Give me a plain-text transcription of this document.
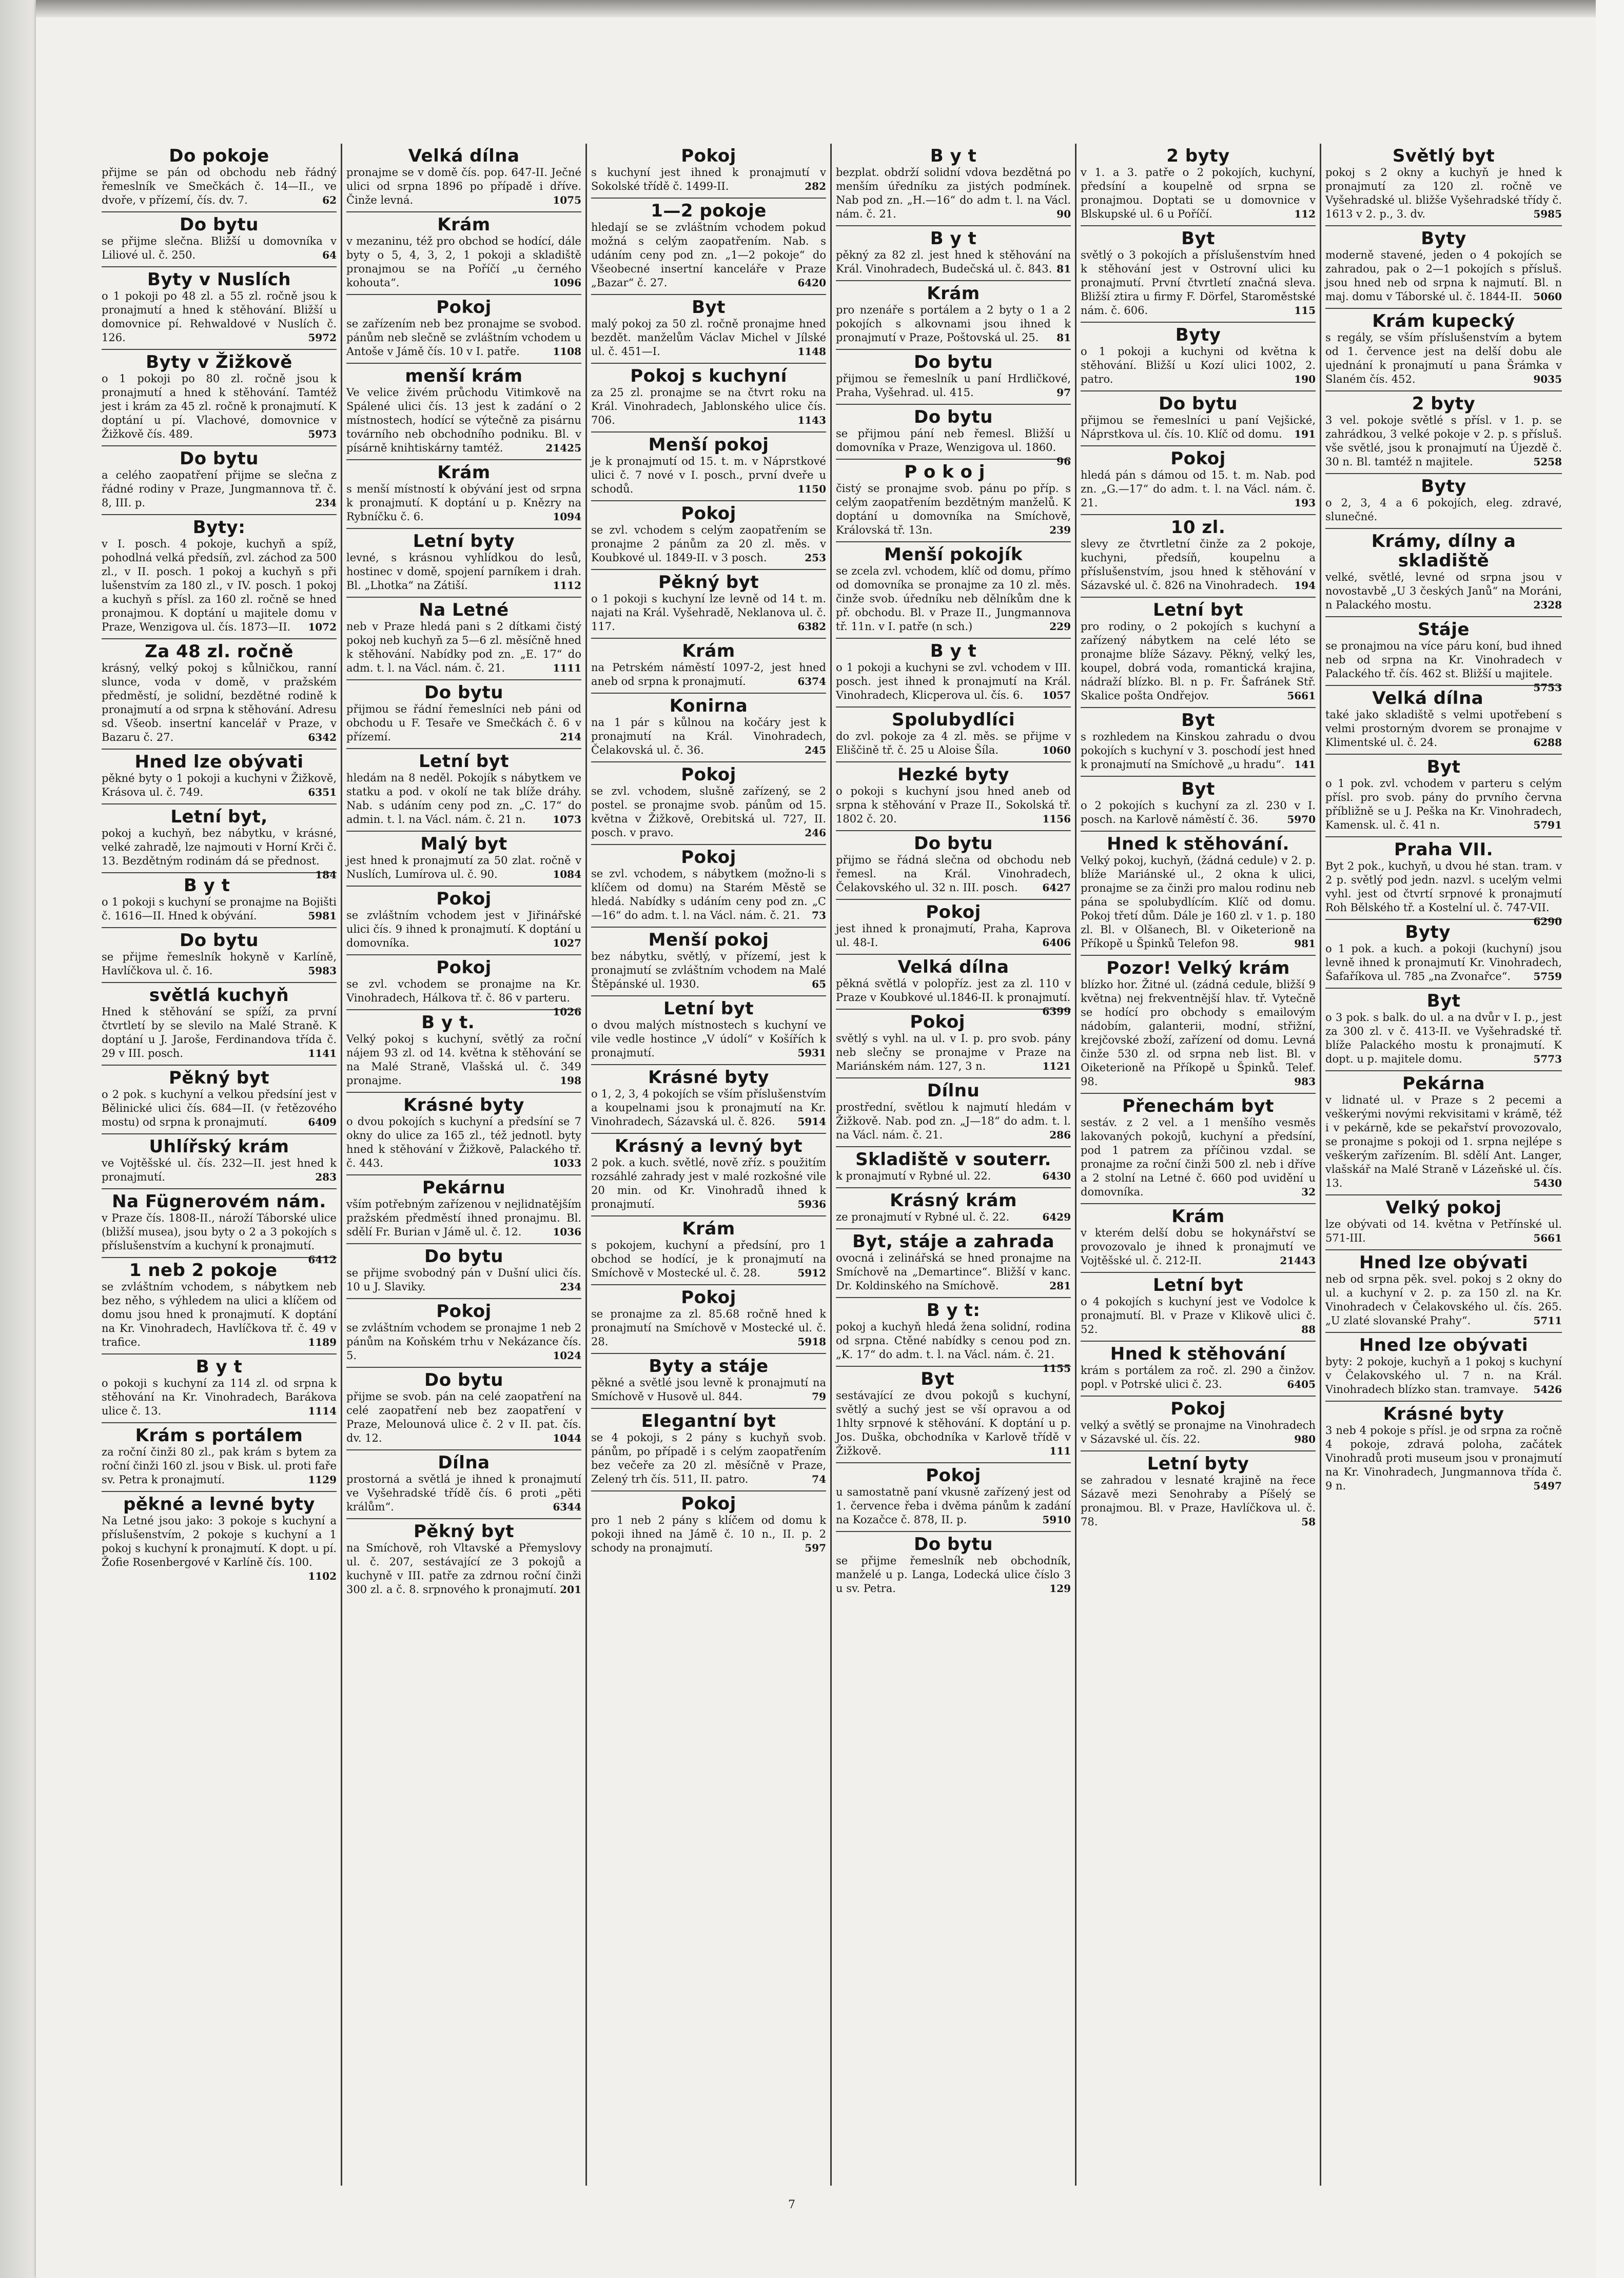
Do pokoje
přijme se pán od obchodu neb řádný řemeslník ve Smečkách č. 14—II., ve dvoře, v přízemí, čís. dv. 7.	62
Do bytu
se přijme slečna. Bližší u domovníka v Liliové ul. č. 250.	64
Byty v Nuslích
o 1 pokoji po 48 zl. a 55 zl. ročně jsou k pronajmutí a hned k stěhování. Bližší u domovnice pí. Rehwaldové v Nuslích č. 126.	5972
Byty v Žižkově
o 1 pokoji po 80 zl. ročně jsou k pronajmutí a hned k stěhování. Tamtéž jest i krám za 45 zl. ročně k pronajmutí. K doptání u pí. Vlachové, domovnice v Žižkově čís. 489.	5973
Do bytu
a celého zaopatření přijme se slečna z řádné rodiny v Praze, Jungmannova tř. č. 8, III. p.	234
Byty:
v I. posch. 4 pokoje, kuchyň a spíž, pohodlná velká předsíň, zvl. záchod za 500 zl., v II. posch. 1 pokoj a kuchyň s při lušenstvím za 180 zl., v IV. posch. 1 pokoj a kuchyň s přísl. za 160 zl. ročně se hned pronajmou. K doptání u majitele domu v Praze, Wenzigova ul. čís. 1873—II.	1072
Za 48 zl. ročně
krásný, velký pokoj s kůlničkou, ranní slunce, voda v domě, v pražském předměstí, je solidní, bezdětné rodině k pronajmutí a od srpna k stěhování. Adresu sd. Všeob. insertní kancelář v Praze, v Bazaru č. 27.	6342
Hned lze obývati
pěkné byty o 1 pokoji a kuchyni v Žižkově, Krásova ul. č. 749.	6351
Letní byt,
pokoj a kuchyň, bez nábytku, v krásné, velké zahradě, lze najmouti v Horní Krči č. 13. Bezdětným rodinám dá se přednost.
184
B y t
o 1 pokoji s kuchyní se pronajme na Bojišti č. 1616—II. Hned k obývání.	5981
Do bytu
se přijme řemeslník hokyně v Karlíně, Havlíčkova ul. č. 16.	5983
světlá kuchyň
Hned k stěhování se spíží, za první čtvrtletí by se slevilo na Malé Straně. K doptání u J. Jaroše, Ferdinandova třída č. 29 v III. posch.	1141
Pěkný byt
o 2 pok. s kuchyní a velkou předsíní jest v Bělinické ulici čís. 684—II. (v řetězového mostu) od srpna k pronajmutí.	6409
Uhlířský krám
ve Vojtěšské ul. čís. 232—II. jest hned k pronajmutí.	283
Na Fügnerovém nám.
v Praze čís. 1808-II., nároží Táborské ulice (bližší musea), jsou byty o 2 a 3 pokojích s příslušenstvím a kuchyní k pronajmutí.
6412
1 neb 2 pokoje
se zvláštním vchodem, s nábytkem neb bez něho, s výhledem na ulici a klíčem od domu jsou hned k pronajmutí. K doptání na Kr. Vinohradech, Havlíčkova tř. č. 49 v trafice.	1189
B y t
o pokoji s kuchyní za 114 zl. od srpna k stěhování na Kr. Vinohradech, Barákova ulice č. 13.	1114
Krám s portálem
za roční činži 80 zl., pak krám s bytem za roční činži 160 zl. jsou v Bisk. ul. proti faře sv. Petra k pronajmutí.	1129
pěkné a levné byty
Na Letné jsou jako: 3 pokoje s kuchyní a příslušenstvím, 2 pokoje s kuchyní a 1 pokoj s kuchyní k pronajmutí. K dopt. u pí. Žofie Rosenbergové v Karlíně čís. 100.
1102
Velká dílna
pronajme se v domě čís. pop. 647-II. Ječné ulici od srpna 1896 po případě i dříve. Činže levná.	1075
Krám
v mezaninu, též pro obchod se hodící, dále byty o 5, 4, 3, 2, 1 pokoji a skladiště pronajmou se na Poříčí „u černého kohouta“.	1096
Pokoj
se zařízením neb bez pronajme se svobod. pánům neb slečně se zvláštním vchodem u Antoše v Jámě čís. 10 v I. patře.	1108
menší krám
Ve velice živém průchodu Vitimkově na Spálené ulici čís. 13 jest k zadání o 2 místnostech, hodící se výtečně za pisárnu továrního neb obchodního podniku. Bl. v písárně knihtiskárny tamtéž.	21425
Krám
s menší místností k obývání jest od srpna k pronajmutí. K doptání u p. Knězry na Rybníčku č. 6.	1094
Letní byty
levné, s krásnou vyhlídkou do lesů, hostinec v domě, spojení parníkem i drah. Bl. „Lhotka“ na Zátiší.	1112
Na Letné
neb v Praze hledá pani s 2 dítkami čistý pokoj neb kuchyň za 5—6 zl. měsíčně hned k stěhování. Nabídky pod zn. „E. 17“ do adm. t. l. na Václ. nám. č. 21.	1111
Do bytu
přijmou se řádní řemeslníci neb páni od obchodu u F. Tesaře ve Smečkách č. 6 v přízemí.	214
Letní byt
hledám na 8 neděl. Pokojík s nábytkem ve statku a pod. v okolí ne tak blíže dráhy. Nab. s udáním ceny pod zn. „C. 17“ do admin. t. l. na Václ. nám. č. 21 n.	1073
Malý byt
jest hned k pronajmutí za 50 zlat. ročně v Nuslích, Lumírova ul. č. 90.	1084
Pokoj
se zvláštním vchodem jest v Jiřinářské ulici čís. 9 ihned k pronajmutí. K doptání u domovníka.	1027
Pokoj
se zvl. vchodem se pronajme na Kr. Vinohradech, Hálkova tř. č. 86 v parteru.
1026
B y t.
Velký pokoj s kuchyní, světlý za roční nájem 93 zl. od 14. května k stěhování se na Malé Straně, Vlašská ul. č. 349 pronajme.	198
Krásné byty
o dvou pokojích s kuchyní a předsíní se 7 okny do ulice za 165 zl., též jednotl. byty hned k stěhování v Žižkově, Palackého tř. č. 443.	1033
Pekárnu
vším potřebným zařízenou v nejlidnatějším pražském předměstí ihned pronajmu. Bl. sdělí Fr. Burian v Jámě ul. č. 12.	1036
Do bytu
se přijme svobodný pán v Dušní ulici čís. 10 u J. Slaviky.	234
Pokoj
se zvláštním vchodem se pronajme 1 neb 2 pánům na Koňském trhu v Nekázance čís. 5.	1024
Do bytu
přijme se svob. pán na celé zaopatření na celé zaopatření neb bez zaopatření v Praze, Melounová ulice č. 2 v II. pat. čís. dv. 12.	1044
Dílna
prostorná a světlá je ihned k pronajmutí ve Vyšehradské třídě čís. 6 proti „pěti králům“.	6344
Pěkný byt
na Smíchově, roh Vltavské a Přemyslovy ul. č. 207, sestávající ze 3 pokojů a kuchyně v III. patře za zdrnou roční činži 300 zl. a č. 8. srpnového k pronajmutí. 201
Pokoj
s kuchyní jest ihned k pronajmutí v Sokolské třídě č. 1499-II.	282
1—2 pokoje
hledají se se zvláštním vchodem pokud možná s celým zaopatřením. Nab. s udáním ceny pod zn. „1—2 pokoje“ do Všeobecné insertní kanceláře v Praze „Bazar“ č. 27.	6420
Byt
malý pokoj za 50 zl. ročně pronajme hned bezdět. manželům Václav Michel v Jílské ul. č. 451—I.	1148
Pokoj s kuchyní
za 25 zl. pronajme se na čtvrt roku na Král. Vinohradech, Jablonského ulice čís. 706.	1143
Menší pokoj
je k pronajmutí od 15. t. m. v Náprstkové ulici č. 7 nové v I. posch., první dveře u schodů.	1150
Pokoj
se zvl. vchodem s celým zaopatřením se pronajme 2 pánům za 20 zl. měs. v Koubkové ul. 1849-II. v 3 posch.	253
Pěkný byt
o 1 pokoji s kuchyní lze levně od 14 t. m. najati na Král. Vyšehradě, Neklanova ul. č. 117.	6382
Krám
na Petrském náměstí 1097-2, jest hned aneb od srpna k pronajmutí.	6374
Konirna
na 1 pár s kůlnou na kočáry jest k pronajmutí na Král. Vinohradech, Čelakovská ul. č. 36.	245
Pokoj
se zvl. vchodem, slušně zařízený, se 2 postel. se pronajme svob. pánům od 15. května v Žižkově, Orebitská ul. 727, II. posch. v pravo.	246
Pokoj
se zvl. vchodem, s nábytkem (možno-li s klíčem od domu) na Starém Městě se hledá. Nabídky s udáním ceny pod zn. „C—16“ do adm. t. l. na Václ. nám. č. 21.	73
Menší pokoj
bez nábytku, světlý, v přízemí, jest k pronajmutí se zvláštním vchodem na Malé Štěpánské ul. 1930.	65
Letní byt
o dvou malých místnostech s kuchyní ve vile vedle hostince „V údolí“ v Košířích k pronajmutí.	5931
Krásné byty
o 1, 2, 3, 4 pokojích se vším příslušenstvím a koupelnami jsou k pronajmutí na Kr. Vinohradech, Sázavská ul. č. 826.	5914
Krásný a levný byt
2 pok. a kuch. světlé, nově zříz. s použitím rozsáhlé zahrady jest v malé rozkošné vile 20 min. od Kr. Vinohradů ihned k pronajmutí.	5936
Krám
s pokojem, kuchyní a předsíní, pro 1 obchod se hodící, je k pronajmutí na Smíchově v Mostecké ul. č. 28.	5912
Pokoj
se pronajme za zl. 85.68 ročně hned k pronajmutí na Smíchově v Mostecké ul. č. 28.	5918
Byty a stáje
pěkné a světlé jsou levně k pronajmutí na Smíchově v Husově ul. 844.	79
Elegantní byt
se 4 pokoji, s 2 pány s kuchyň svob. pánům, po případě i s celým zaopatřením bez večeře za 20 zl. měsíčně v Praze, Zelený trh čís. 511, II. patro.	74
Pokoj
pro 1 neb 2 pány s klíčem od domu k pokoji ihned na Jámě č. 10 n., II. p. 2 schody na pronajmutí.	597
B y t
bezplat. obdrží solidní vdova bezdětná po menším úředníku za jistých podmínek. Nab pod zn. „H.—16“ do adm t. l. na Václ. nám. č. 21.	90
B y t
pěkný za 82 zl. jest hned k stěhování na Král. Vinohradech, Budečská ul. č. 843. 81
Krám
pro nzenáře s portálem a 2 byty o 1 a 2 pokojích s alkovnami jsou ihned k pronajmutí v Praze, Poštovská ul. 25.	81
Do bytu
přijmou se řemeslník u paní Hrdličkové, Praha, Vyšehrad. ul. 415.	97
Do bytu
se přijmou pání neb řemesl. Bližší u domovníka v Praze, Wenzigova ul. 1860.
96
P o k o j
čistý se pronajme svob. pánu po příp. s celým zaopatřením bezdětným manželů. K doptání u domovníka na Smíchově, Královská tř. 13n.	239
Menší pokojík
se zcela zvl. vchodem, klíč od domu, přímo od domovníka se pronajme za 10 zl. měs. činže svob. úředníku neb dělníkům dne k př. obchodu. Bl. v Praze II., Jungmannova tř. 11n. v I. patře (n sch.)	229
B y t
o 1 pokoji a kuchyni se zvl. vchodem v III. posch. jest ihned k pronajmutí na Král. Vinohradech, Klicperova ul. čís. 6.	1057
Spolubydlíci
do zvl. pokoje za 4 zl. měs. se přijme v Eliščině tř. č. 25 u Aloise Šíla.	1060
Hezké byty
o pokoji s kuchyní jsou hned aneb od srpna k stěhování v Praze II., Sokolská tř. 1802 č. 20.	1156
Do bytu
přijmo se řádná slečna od obchodu neb řemesl. na Král. Vinohradech, Čelakovského ul. 32 n. III. posch.	6427
Pokoj
jest ihned k pronajmutí, Praha, Kaprova ul. 48-I.	6406
Velká dílna
pěkná světlá v polopříz. jest za zl. 110 v Praze v Koubkové ul.1846-II. k pronajmutí.
6399
Pokoj
světlý s vyhl. na ul. v I. p. pro svob. pány neb slečny se pronajme v Praze na Mariánském nám. 127, 3 n.	1121
Dílnu
prostřední, světlou k najmutí hledám v Žižkově. Nab. pod zn. „J—18“ do adm. t. l. na Václ. nám. č. 21.	286
Skladiště v souterr.
k pronajmutí v Rybné ul. 22.	6430
Krásný krám
ze pronajmutí v Rybné ul. č. 22.	6429
Byt, stáje a zahrada
ovocná i zelinářská se hned pronajme na Smíchově na „Demartince“. Bližší v kanc. Dr. Koldinského na Smíchově.	281
B y t:
pokoj a kuchyň hledá žena solidní, rodina od srpna. Ctěné nabídky s cenou pod zn. „K. 17“ do adm. t. l. na Václ. nám. č. 21.
1155
Byt
sestávající ze dvou pokojů s kuchyní, světlý a suchý jest se vší opravou a od 1hlty srpnové k stěhování. K doptání u p. Jos. Duška, obchodníka v Karlově třídě v Žižkově.	111
Pokoj
u samostatně paní vkusně zařízený jest od 1. července řeba i dvěma pánům k zadání na Kozačce č. 878, II. p.	5910
Do bytu
se přijme řemeslník neb obchodník, manželé u p. Langa, Lodecká ulice číslo 3 u sv. Petra.	129
2 byty
v 1. a 3. patře o 2 pokojích, kuchyní, předsíní a koupelně od srpna se pronajmou. Doptati se u domovnice v Blskupské ul. 6 u Poříčí.	112
Byt
světlý o 3 pokojích a příslušenstvím hned k stěhování jest v Ostrovní ulici ku pronajmutí. První čtvrtletí značná sleva. Bližší ztira u firmy F. Dörfel, Staroměstské nám. č. 606.	115
Byty
o 1 pokoji a kuchyni od května k stěhování. Bližší u Kozí ulici 1002, 2. patro.	190
Do bytu
přijmou se řemeslníci u paní Vejšické, Náprstkova ul. čís. 10. Klíč od domu.	191
Pokoj
hledá pán s dámou od 15. t. m. Nab. pod zn. „G.—17“ do adm. t. l. na Václ. nám. č. 21.	193
10 zl.
slevy ze čtvrtletní činže za 2 pokoje, kuchyni, předsíň, koupelnu a příslušenstvím, jsou hned k stěhování v Sázavské ul. č. 826 na Vinohradech.	194
Letní byt
pro rodiny, o 2 pokojích s kuchyní a zařízený nábytkem na celé léto se pronajme blíže Sázavy. Pěkný, velký les, koupel, dobrá voda, romantická krajina, nádraží blízko. Bl. n p. Fr. Šafránek Stř. Skalice pošta Ondřejov.	5661
Byt
s rozhledem na Kinskou zahradu o dvou pokojích s kuchyní v 3. poschodí jest hned k pronajmutí na Smíchově „u hradu“. 141
Byt
o 2 pokojích s kuchyní za zl. 230 v I. posch. na Karlově náměstí č. 36.	5970
Hned k stěhování.
Velký pokoj, kuchyň, (žádná cedule) v 2. p. blíže Mariánské ul., 2 okna k ulici, pronajme se za činži pro malou rodinu neb pána se spolubydlícím. Klíč od domu. Pokoj třetí dům. Dále je 160 zl. v 1. p. 180 zl. Bl. v Olšanech, Bl. v Oiketerioně na Příkopě u Špinků Telefon 98.	981
Pozor! Velký krám
blízko hor. Žitné ul. (zádná cedule, bližší 9 května) nej frekventnější hlav. tř. Vytečně se hodící pro obchody s emailovým nádobím, galanterii, modní, střižní, krejčovské zboží, zařízení od domu. Levná činže 530 zl. od srpna neb list. Bl. v Oiketerioně na Příkopě u Špinků. Telef. 98.	983
Přenechám byt
sestáv. z 2 vel. a 1 menšího vesměs lakovaných pokojů, kuchyní a předsíní, pod 1 patrem za příčinou vzdal. se pronajme za roční činži 500 zl. neb i dříve a 2 stolní na Letné č. 660 pod uvidění u domovníka.	32
Krám
v kterém delší dobu se hokynářství se provozovalo je ihned k pronajmutí ve Vojtěšské ul. č. 212-II.	21443
Letní byt
o 4 pokojích s kuchyní jest ve Vodolce k pronajmutí. Bl. v Praze v Klikově ulici č. 52.	88
Hned k stěhování
krám s portálem za roč. zl. 290 a činžov. popl. v Potrské ulici č. 23.	6405
Pokoj
velký a světlý se pronajme na Vinohradech v Sázavské ul. čís. 22.	980
Letní byty
se zahradou v lesnaté krajině na řece Sázavě mezi Senohraby a Píšelý se pronajmou. Bl. v Praze, Havlíčkova ul. č. 78.	58
Světlý byt
pokoj s 2 okny a kuchyň je hned k pronajmutí za 120 zl. ročně ve Vyšehradské ul. bližše Vyšehradské třídy č. 1613 v 2. p., 3. dv.	5985
Byty
moderně stavené, jeden o 4 pokojích se zahradou, pak o 2—1 pokojích s přísluš. jsou hned neb od srpna k najmutí. Bl. n maj. domu v Táborské ul. č. 1844-II.	5060
Krám kupecký
s regály, se vším příslušenstvím a bytem od 1. července jest na delší dobu ale ujednání k pronajmutí u pana Šrámka v Slaném čís. 452.	9035
2 byty
3 vel. pokoje světlé s přísl. v 1. p. se zahrádkou, 3 velké pokoje v 2. p. s přísluš. vše světlé, jsou k pronajmutí na Újezdě č. 30 n. Bl. tamtéž n majitele.	5258
Byty
o 2, 3, 4 a 6 pokojích, eleg. zdravé, slunečné.
Krámy, dílny a skladiště
velké, světlé, levné od srpna jsou v novostavbě „U 3 českých Janů“ na Moráni, n Palackého mostu.	2328
Stáje
se pronajmou na více páru koní, bud ihned neb od srpna na Kr. Vinohradech v Palackého tř. čís. 462 st. Bližší u majitele.
5753
Velká dílna
také jako skladiště s velmi upotřebení s velmi prostorným dvorem se pronajme v Klimentské ul. č. 24.	6288
Byt
o 1 pok. zvl. vchodem v parteru s celým přísl. pro svob. pány do prvního června příbližně se u J. Peška na Kr. Vinohradech, Kamensk. ul. č. 41 n.	5791
Praha VII.
Byt 2 pok., kuchyň, u dvou hé stan. tram. v 2 p. světlý pod jedn. nazvl. s ucelým velmi vyhl. jest od čtvrtí srpnové k pronajmutí Roh Bělského tř. a Kostelní ul. č. 747-VII.
6290
Byty
o 1 pok. a kuch. a pokoji (kuchyní) jsou levně ihned k pronajmutí Kr. Vinohradech, Šafaříkova ul. 785 „na Zvonařce“.	5759
Byt
o 3 pok. s balk. do ul. a na dvůr v I. p., jest za 300 zl. v č. 413-II. ve Vyšehradské tř. blíže Palackého mostu k pronajmutí. K dopt. u p. majitele domu.	5773
Pekárna
v lidnaté ul. v Praze s 2 pecemi a veškerými novými rekvisitami v krámě, též i v pekárně, kde se pekařství provozovalo, se pronajme s pokoji od 1. srpna nejlépe s veškerým zařízením. Bl. sdělí Ant. Langer, vlašskář na Malé Straně v Lázeňské ul. čís. 13.	5430
Velký pokoj
lze obývati od 14. května v Petřínské ul. 571-III.	5661
Hned lze obývati
neb od srpna pěk. svel. pokoj s 2 okny do ul. a kuchyní v 2. p. za 150 zl. na Kr. Vinohradech v Čelakovského ul. čís. 265. „U zlaté slovanské Prahy“.	5711
Hned lze obývati
byty: 2 pokoje, kuchyň a 1 pokoj s kuchyní v Čelakovského ul. 7 n. na Král. Vinohradech blízko stan. tramvaye.	5426
Krásné byty
3 neb 4 pokoje s přísl. je od srpna za ročně 4 pokoje, zdravá poloha, začátek Vinohradů proti museum jsou v pronajmutí na Kr. Vinohradech, Jungmannova třída č. 9 n.	5497
7
